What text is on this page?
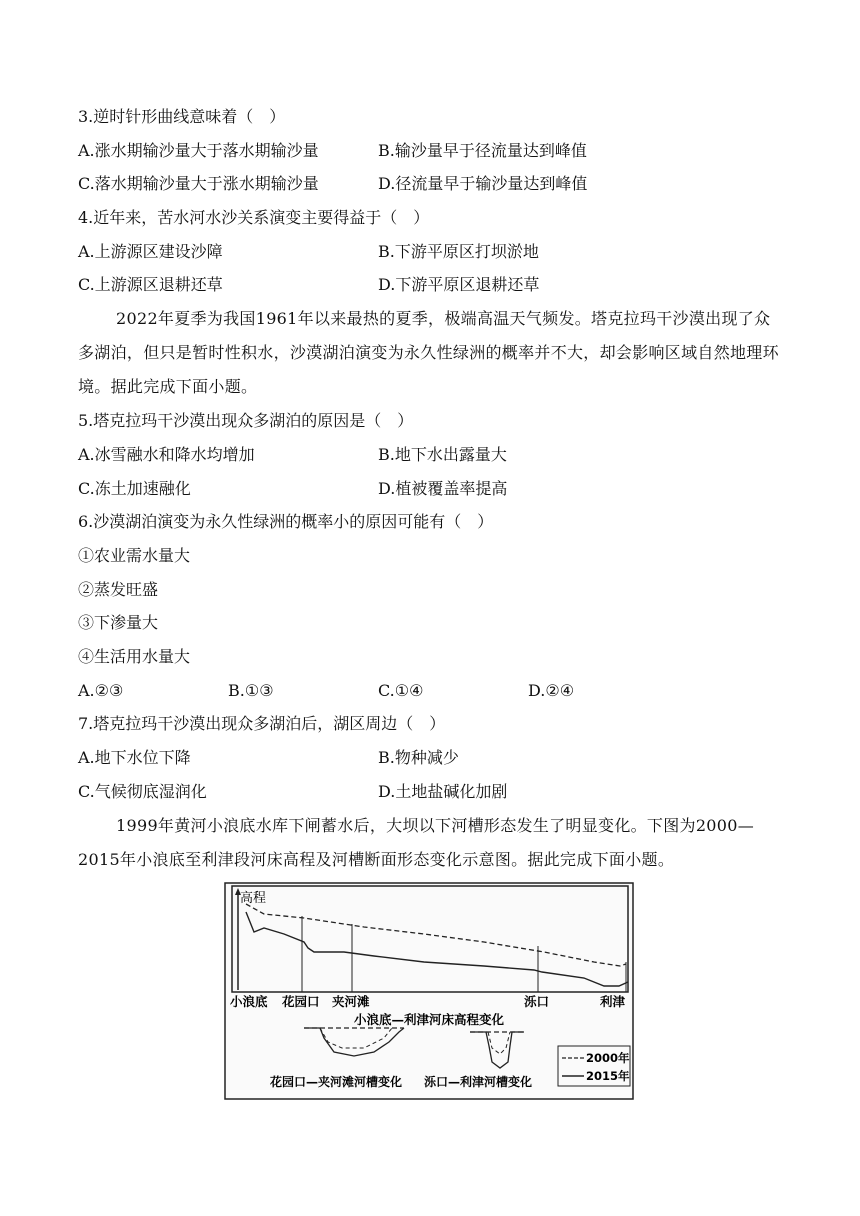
3.逆时针形曲线意味着（　）
A.涨水期输沙量大于落水期输沙量	B.输沙量早于径流量达到峰值
C.落水期输沙量大于涨水期输沙量	D.径流量早于输沙量达到峰值
4.近年来，苦水河水沙关系演变主要得益于（　）
A.上游源区建设沙障	B.下游平原区打坝淤地
C.上游源区退耕还草	D.下游平原区退耕还草
2022年夏季为我国1961年以来最热的夏季，极端高温天气频发。塔克拉玛干沙漠出现了众多湖泊，但只是暂时性积水，沙漠湖泊演变为永久性绿洲的概率并不大，却会影响区域自然地理环境。据此完成下面小题。
5.塔克拉玛干沙漠出现众多湖泊的原因是（　）
A.冰雪融水和降水均增加	B.地下水出露量大
C.冻土加速融化	D.植被覆盖率提高
6.沙漠湖泊演变为永久性绿洲的概率小的原因可能有（　）
①农业需水量大
②蒸发旺盛
③下渗量大
④生活用水量大
A.②③	B.①③	C.①④	D.②④
7.塔克拉玛干沙漠出现众多湖泊后，湖区周边（　）
A.地下水位下降	B.物种减少
C.气候彻底湿润化	D.土地盐碱化加剧
1999年黄河小浪底水库下闸蓄水后，大坝以下河槽形态发生了明显变化。下图为2000—2015年小浪底至利津段河床高程及河槽断面形态变化示意图。据此完成下面小题。
高程
小浪底 花园口 夹河滩	泺口	利津
小浪底—利津河床高程变化
2000年
2015年
花园口—夹河滩河槽变化 泺口—利津河槽变化
